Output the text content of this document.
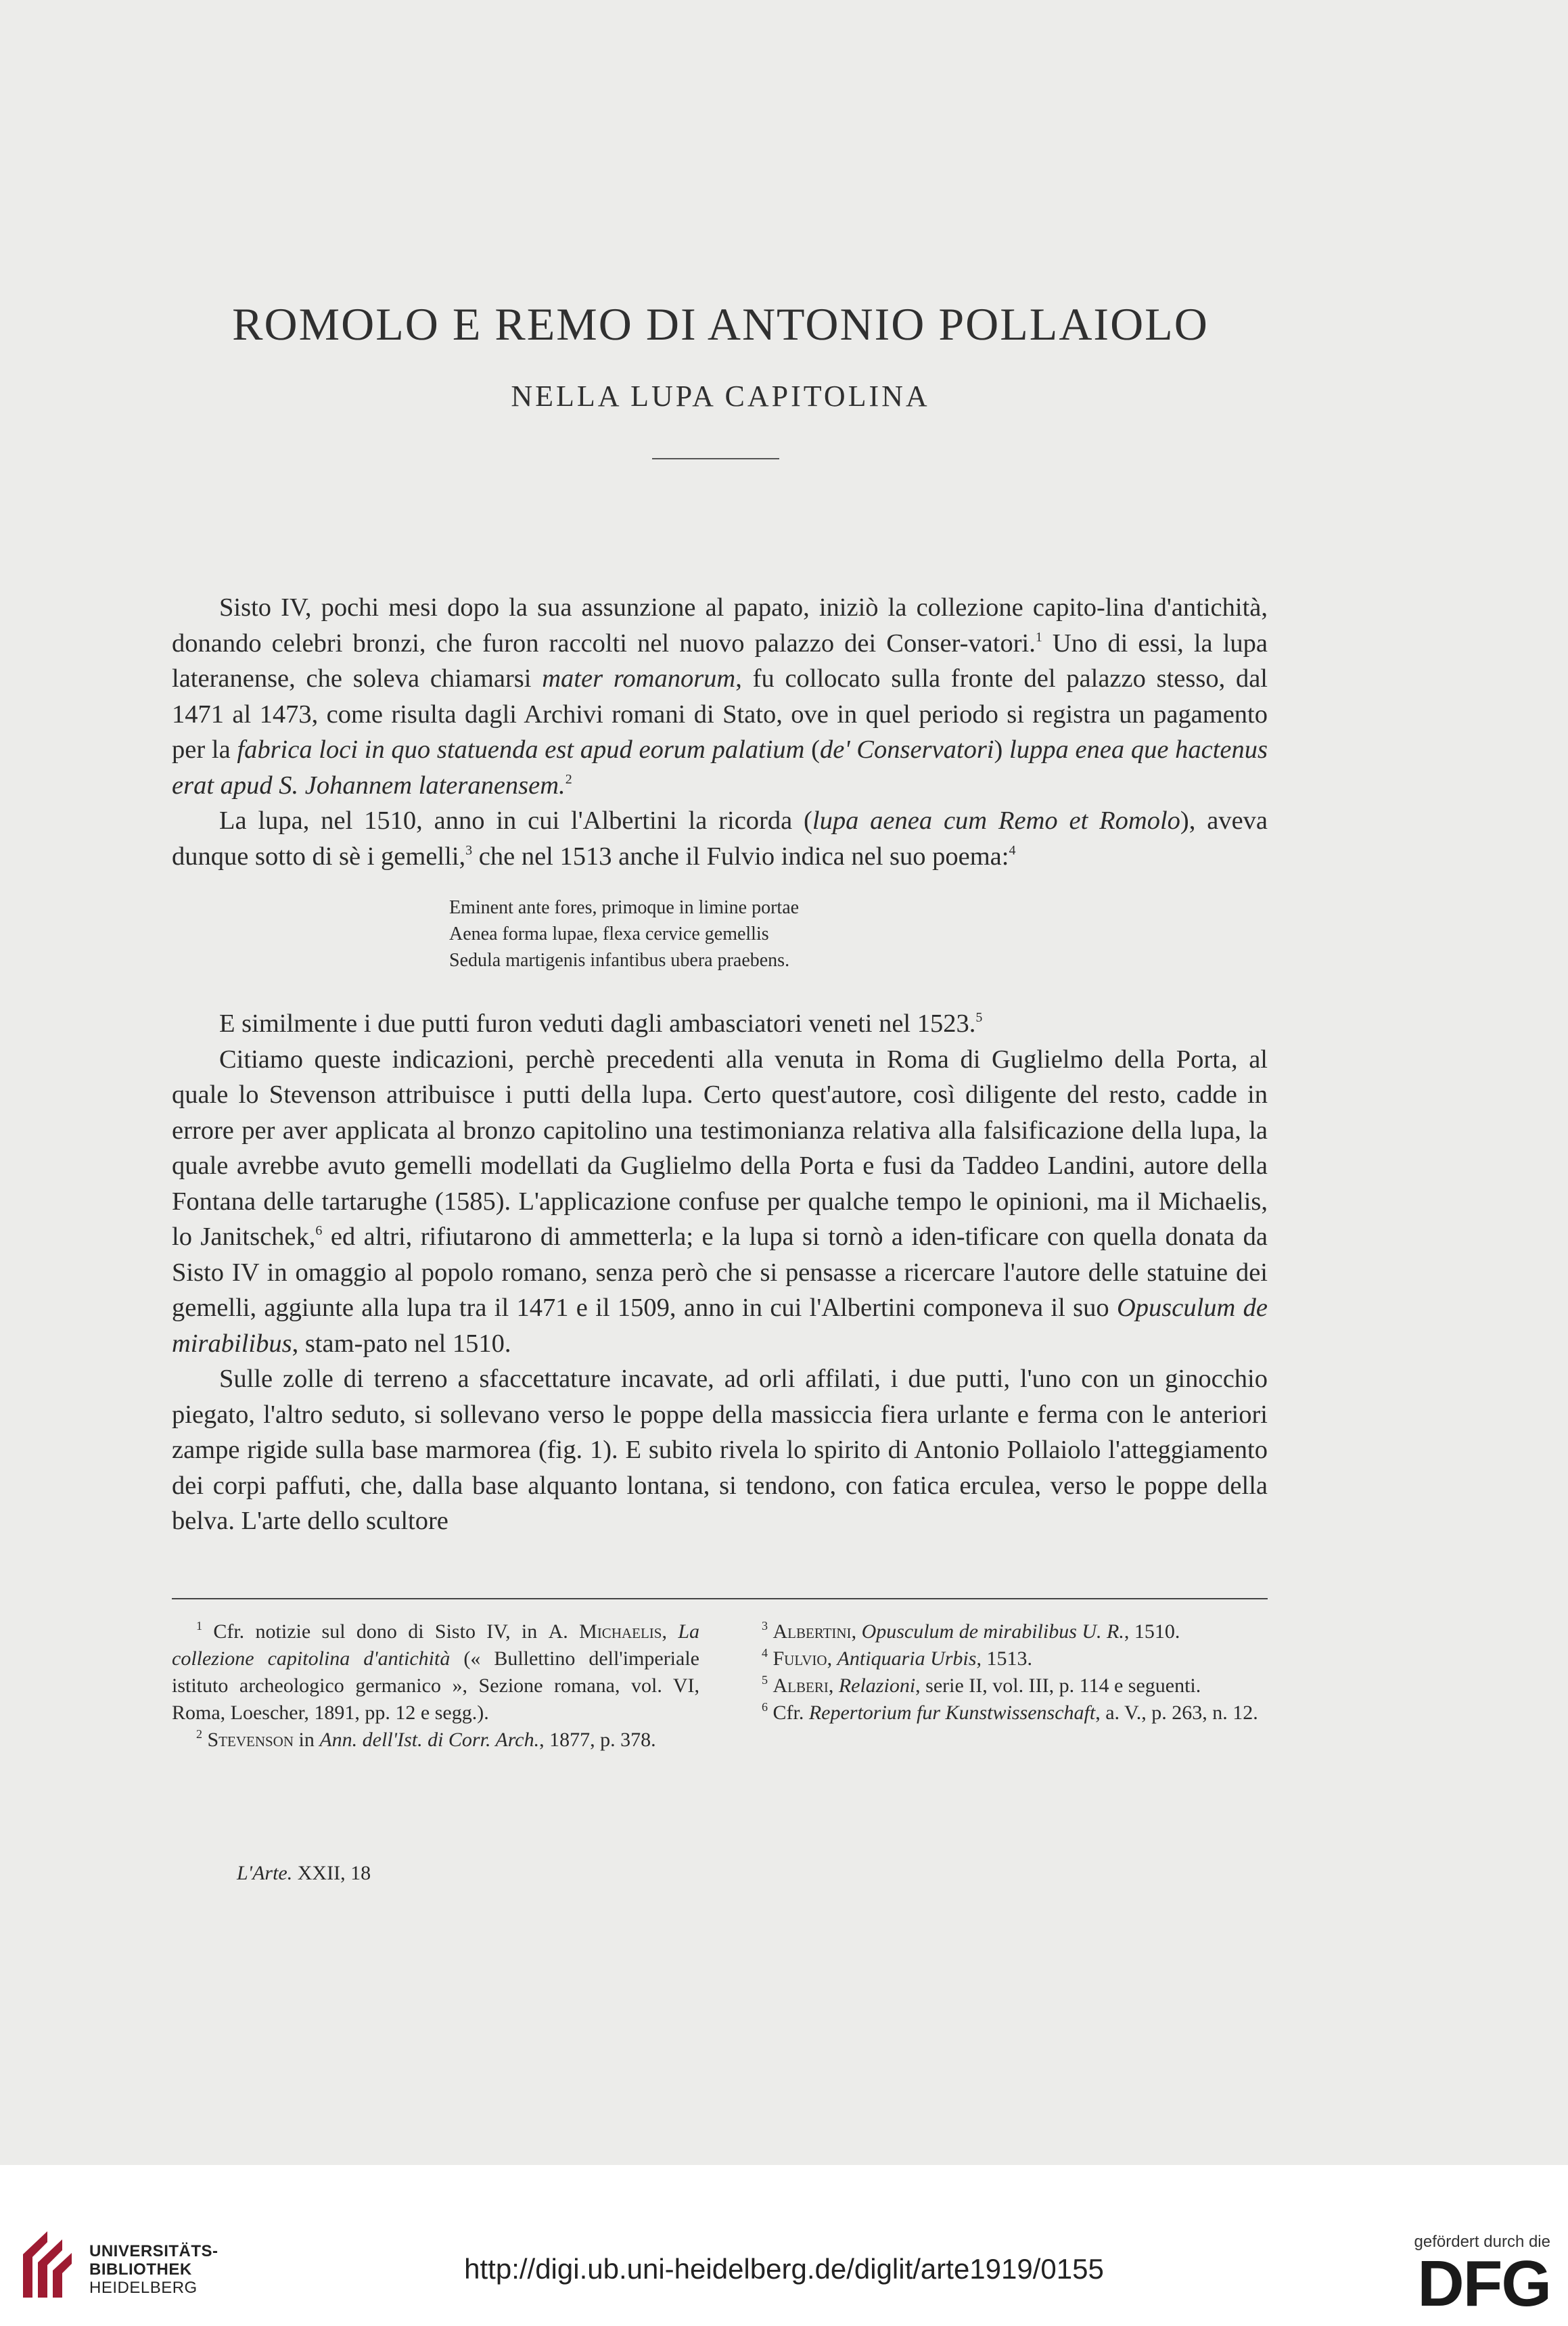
ROMOLO E REMO DI ANTONIO POLLAIOLO
NELLA LUPA CAPITOLINA

Sisto IV, pochi mesi dopo la sua assunzione al papato, iniziò la collezione capito-lina d'antichità, donando celebri bronzi, che furon raccolti nel nuovo palazzo dei Conser-vatori.$^1$ Uno di essi, la lupa lateranense, che soleva chiamarsi mater romanorum, fu collocato sulla fronte del palazzo stesso, dal 1471 al 1473, come risulta dagli Archivi romani di Stato, ove in quel periodo si registra un pagamento per la fabrica loci in quo statuenda est apud eorum palatium (de' Conservatori) luppa enea que hactenus erat apud S. Johannem lateranensem.$^2$

La lupa, nel 1510, anno in cui l'Albertini la ricorda (lupa aenea cum Remo et Romolo), aveva dunque sotto di sè i gemelli,$^3$ che nel 1513 anche il Fulvio indica nel suo poema:$^4$

Eminent ante fores, primoque in limine portae
Aenea forma lupae, flexa cervice gemellis
Sedula martigenis infantibus ubera praebens.

E similmente i due putti furon veduti dagli ambasciatori veneti nel 1523.$^5$

Citiamo queste indicazioni, perchè precedenti alla venuta in Roma di Guglielmo della Porta, al quale lo Stevenson attribuisce i putti della lupa. Certo quest'autore, così diligente del resto, cadde in errore per aver applicata al bronzo capitolino una testimonianza relativa alla falsificazione della lupa, la quale avrebbe avuto gemelli modellati da Guglielmo della Porta e fusi da Taddeo Landini, autore della Fontana delle tartarughe (1585). L'applicazione confuse per qualche tempo le opinioni, ma il Michaelis, lo Janitschek,$^6$ ed altri, rifiutarono di ammetterla; e la lupa si tornò a iden-tificare con quella donata da Sisto IV in omaggio al popolo romano, senza però che si pensasse a ricercare l'autore delle statuine dei gemelli, aggiunte alla lupa tra il 1471 e il 1509, anno in cui l'Albertini componeva il suo Opusculum de mirabilibus, stam-pato nel 1510.

Sulle zolle di terreno a sfaccettature incavate, ad orli affilati, i due putti, l'uno con un ginocchio piegato, l'altro seduto, si sollevano verso le poppe della massiccia fiera urlante e ferma con le anteriori zampe rigide sulla base marmorea (fig. 1). E subito rivela lo spirito di Antonio Pollaiolo l'atteggiamento dei corpi paffuti, che, dalla base alquanto lontana, si tendono, con fatica erculea, verso le poppe della belva. L'arte dello scultore

$^1$ Cfr. notizie sul dono di Sisto IV, in A. Michaelis, La collezione capitolina d'antichità (« Bullettino dell'imperiale istituto archeologico germanico », Sezione romana, vol. VI, Roma, Loescher, 1891, pp. 12 e segg.).

$^2$ Stevenson in Ann. dell'Ist. di Corr. Arch., 1877, p. 378.

$^3$ Albertini, Opusculum de mirabilibus U. R., 1510.

$^4$ Fulvio, Antiquaria Urbis, 1513.

$^5$ Alberi, Relazioni, serie II, vol. III, p. 114 e seguenti.

$^6$ Cfr. Repertorium fur Kunstwissenschaft, a. V., p. 263, n. 12.

L'Arte. XXII, 18
UNIVERSITÄTS-
BIBLIOTHEK
HEIDELBERG
http://digi.ub.uni-heidelberg.de/diglit/arte1919/0155
gefördert durch die
DFG
